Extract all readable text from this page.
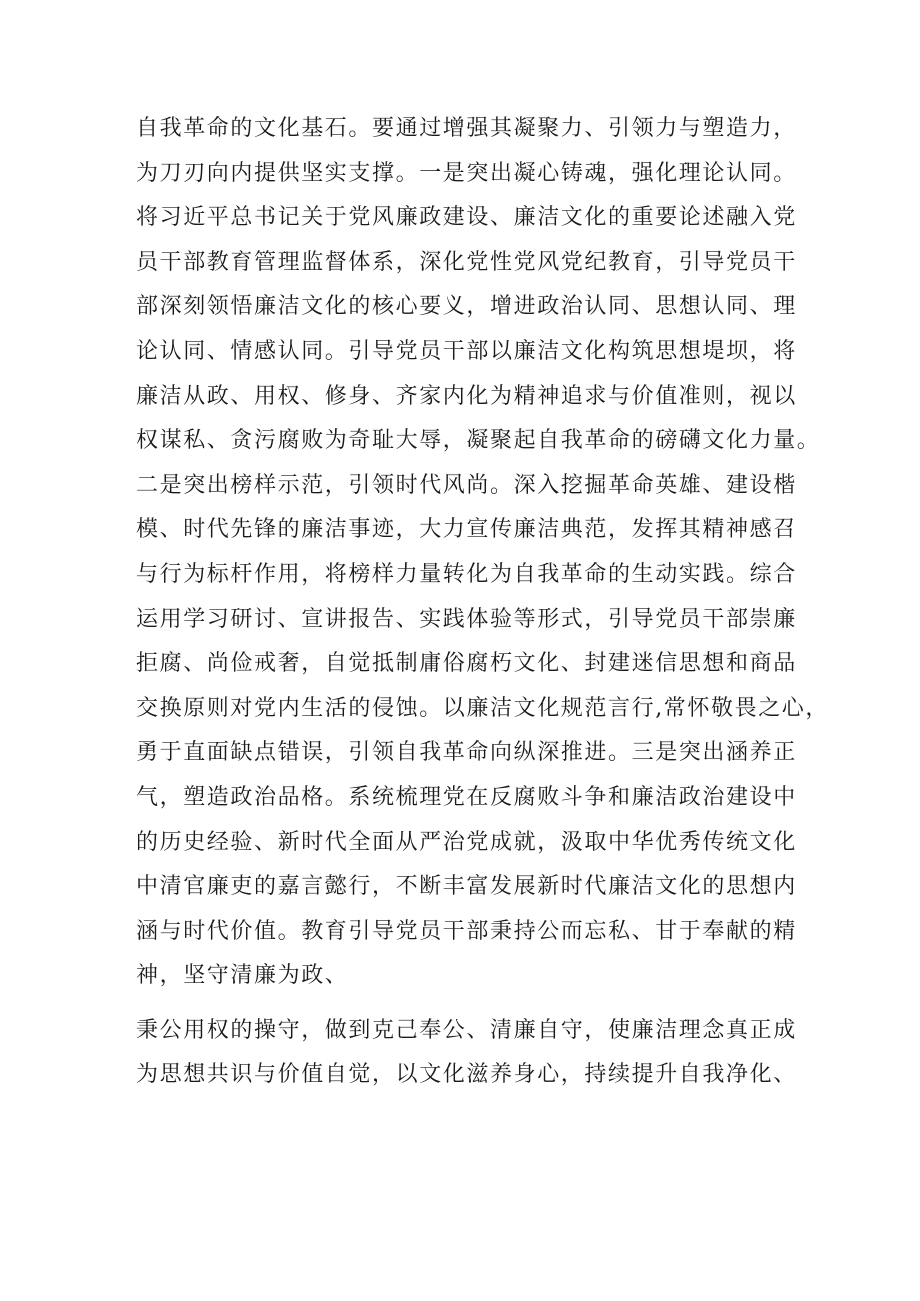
自我革命的文化基石。要通过增强其凝聚力、引领力与塑造力，
为刀刃向内提供坚实支撑。一是突出凝心铸魂，强化理论认同。
将习近平总书记关于党风廉政建设、廉洁文化的重要论述融入党
员干部教育管理监督体系，深化党性党风党纪教育，引导党员干
部深刻领悟廉洁文化的核心要义，增进政治认同、思想认同、理
论认同、情感认同。引导党员干部以廉洁文化构筑思想堤坝，将
廉洁从政、用权、修身、齐家内化为精神追求与价值准则，视以
权谋私、贪污腐败为奇耻大辱，凝聚起自我革命的磅礴文化力量。
二是突出榜样示范，引领时代风尚。深入挖掘革命英雄、建设楷
模、时代先锋的廉洁事迹，大力宣传廉洁典范，发挥其精神感召
与行为标杆作用，将榜样力量转化为自我革命的生动实践。综合
运用学习研讨、宣讲报告、实践体验等形式，引导党员干部崇廉
拒腐、尚俭戒奢，自觉抵制庸俗腐朽文化、封建迷信思想和商品
交换原则对党内生活的侵蚀。以廉洁文化规范言行,常怀敬畏之心，
勇于直面缺点错误，引领自我革命向纵深推进。三是突出涵养正
气，塑造政治品格。系统梳理党在反腐败斗争和廉洁政治建设中
的历史经验、新时代全面从严治党成就，汲取中华优秀传统文化
中清官廉吏的嘉言懿行，不断丰富发展新时代廉洁文化的思想内
涵与时代价值。教育引导党员干部秉持公而忘私、甘于奉献的精
神，坚守清廉为政、
秉公用权的操守，做到克己奉公、清廉自守，使廉洁理念真正成
为思想共识与价值自觉，以文化滋养身心，持续提升自我净化、
